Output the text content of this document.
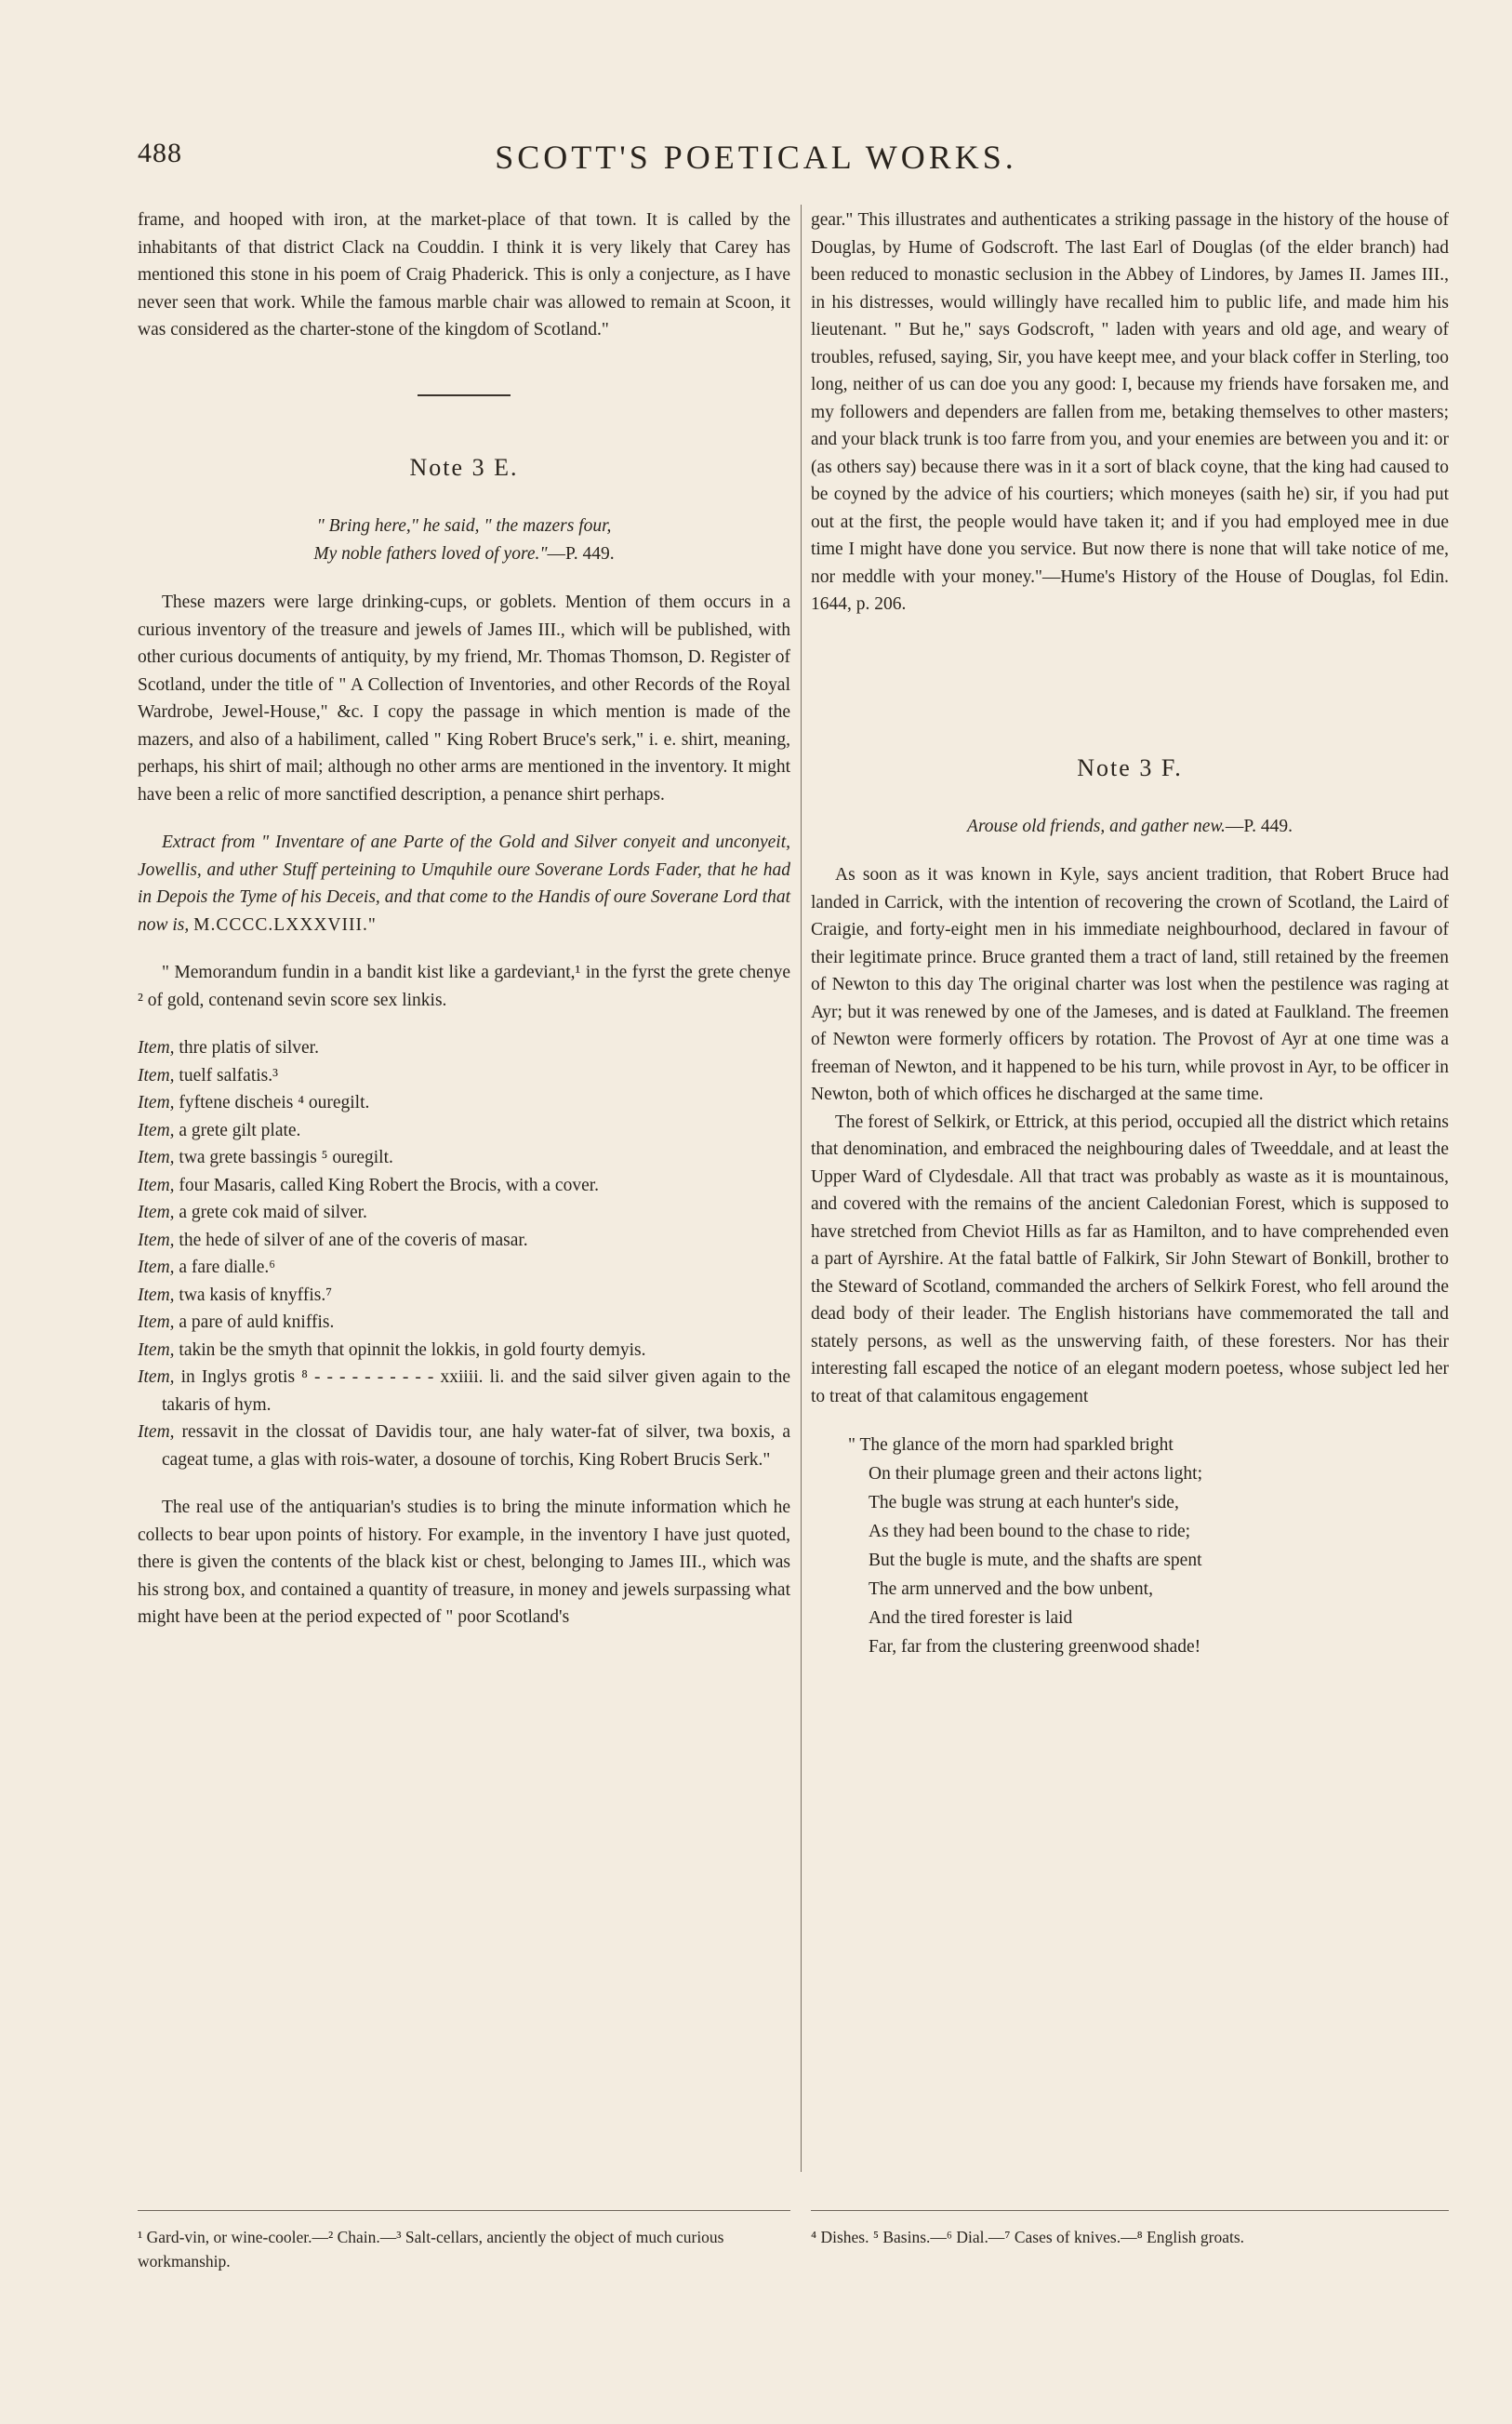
488	SCOTT'S POETICAL WORKS.

frame, and hooped with iron, at the market-place of that town. It is called by the inhabitants of that district Clack na Couddin. I think it is very likely that Carey has mentioned this stone in his poem of Craig Phaderick. This is only a conjecture, as I have never seen that work. While the famous marble chair was allowed to remain at Scoon, it was considered as the charter-stone of the kingdom of Scotland."

Note 3 E.
" Bring here," he said, " the mazers four,
My noble fathers loved of yore."—P. 449.

These mazers were large drinking-cups, or goblets. Mention of them occurs in a curious inventory of the treasure and jewels of James III., which will be published, with other curious documents of antiquity, by my friend, Mr. Thomas Thomson, D. Register of Scotland, under the title of " A Collection of Inventories, and other Records of the Royal Wardrobe, Jewel-House," &c. I copy the passage in which mention is made of the mazers, and also of a habiliment, called " King Robert Bruce's serk," i. e. shirt, meaning, perhaps, his shirt of mail; although no other arms are mentioned in the inventory. It might have been a relic of more sanctified description, a penance shirt perhaps.

Extract from " Inventare of ane Parte of the Gold and Silver conyeit and unconyeit, Jowellis, and uther Stuff perteining to Umquhile oure Soverane Lords Fader, that he had in Depois the Tyme of his Deceis, and that come to the Handis of oure Soverane Lord that now is, M.CCCC.LXXXVIII."

" Memorandum fundin in a bandit kist like a gardeviant,¹ in the fyrst the grete chenye ² of gold, contenand sevin score sex linkis.

Item, thre platis of silver.

Item, tuelf salfatis.³

Item, fyftene discheis ⁴ ouregilt.

Item, a grete gilt plate.

Item, twa grete bassingis ⁵ ouregilt.

Item, four Masaris, called King Robert the Brocis, with a cover.

Item, a grete cok maid of silver.

Item, the hede of silver of ane of the coveris of masar.

Item, a fare dialle.⁶

Item, twa kasis of knyffis.⁷

Item, a pare of auld kniffis.

Item, takin be the smyth that opinnit the lokkis, in gold fourty demyis.

Item, in Inglys grotis ⁸ - - - - - - - - - - xxiiii. li. and the said silver given again to the takaris of hym.

Item, ressavit in the clossat of Davidis tour, ane haly water-fat of silver, twa boxis, a cageat tume, a glas with rois-water, a dosoune of torchis, King Robert Brucis Serk."

The real use of the antiquarian's studies is to bring the minute information which he collects to bear upon points of history. For example, in the inventory I have just quoted, there is given the contents of the black kist or chest, belonging to James III., which was his strong box, and contained a quantity of treasure, in money and jewels surpassing what might have been at the period expected of " poor Scotland's

gear." This illustrates and authenticates a striking passage in the history of the house of Douglas, by Hume of Godscroft. The last Earl of Douglas (of the elder branch) had been reduced to monastic seclusion in the Abbey of Lindores, by James II. James III., in his distresses, would willingly have recalled him to public life, and made him his lieutenant. " But he," says Godscroft, " laden with years and old age, and weary of troubles, refused, saying, Sir, you have keept mee, and your black coffer in Sterling, too long, neither of us can doe you any good: I, because my friends have forsaken me, and my followers and dependers are fallen from me, betaking themselves to other masters; and your black trunk is too farre from you, and your enemies are between you and it: or (as others say) because there was in it a sort of black coyne, that the king had caused to be coyned by the advice of his courtiers; which moneyes (saith he) sir, if you had put out at the first, the people would have taken it; and if you had employed mee in due time I might have done you service. But now there is none that will take notice of me, nor meddle with your money."—Hume's History of the House of Douglas, fol Edin. 1644, p. 206.

Note 3 F.
Arouse old friends, and gather new.—P. 449.

As soon as it was known in Kyle, says ancient tradition, that Robert Bruce had landed in Carrick, with the intention of recovering the crown of Scotland, the Laird of Craigie, and forty-eight men in his immediate neighbourhood, declared in favour of their legitimate prince. Bruce granted them a tract of land, still retained by the freemen of Newton to this day The original charter was lost when the pestilence was raging at Ayr; but it was renewed by one of the Jameses, and is dated at Faulkland. The freemen of Newton were formerly officers by rotation. The Provost of Ayr at one time was a freeman of Newton, and it happened to be his turn, while provost in Ayr, to be officer in Newton, both of which offices he discharged at the same time.

The forest of Selkirk, or Ettrick, at this period, occupied all the district which retains that denomination, and embraced the neighbouring dales of Tweeddale, and at least the Upper Ward of Clydesdale. All that tract was probably as waste as it is mountainous, and covered with the remains of the ancient Caledonian Forest, which is supposed to have stretched from Cheviot Hills as far as Hamilton, and to have comprehended even a part of Ayrshire. At the fatal battle of Falkirk, Sir John Stewart of Bonkill, brother to the Steward of Scotland, commanded the archers of Selkirk Forest, who fell around the dead body of their leader. The English historians have commemorated the tall and stately persons, as well as the unswerving faith, of these foresters. Nor has their interesting fall escaped the notice of an elegant modern poetess, whose subject led her to treat of that calamitous engagement

" The glance of the morn had sparkled bright

On their plumage green and their actons light;

The bugle was strung at each hunter's side,

As they had been bound to the chase to ride;

But the bugle is mute, and the shafts are spent

The arm unnerved and the bow unbent,

And the tired forester is laid

Far, far from the clustering greenwood shade!

¹ Gard-vin, or wine-cooler.—² Chain.—³ Salt-cellars, anciently the object of much curious workmanship.
⁴ Dishes. ⁵ Basins.—⁶ Dial.—⁷ Cases of knives.—⁸ English groats.
